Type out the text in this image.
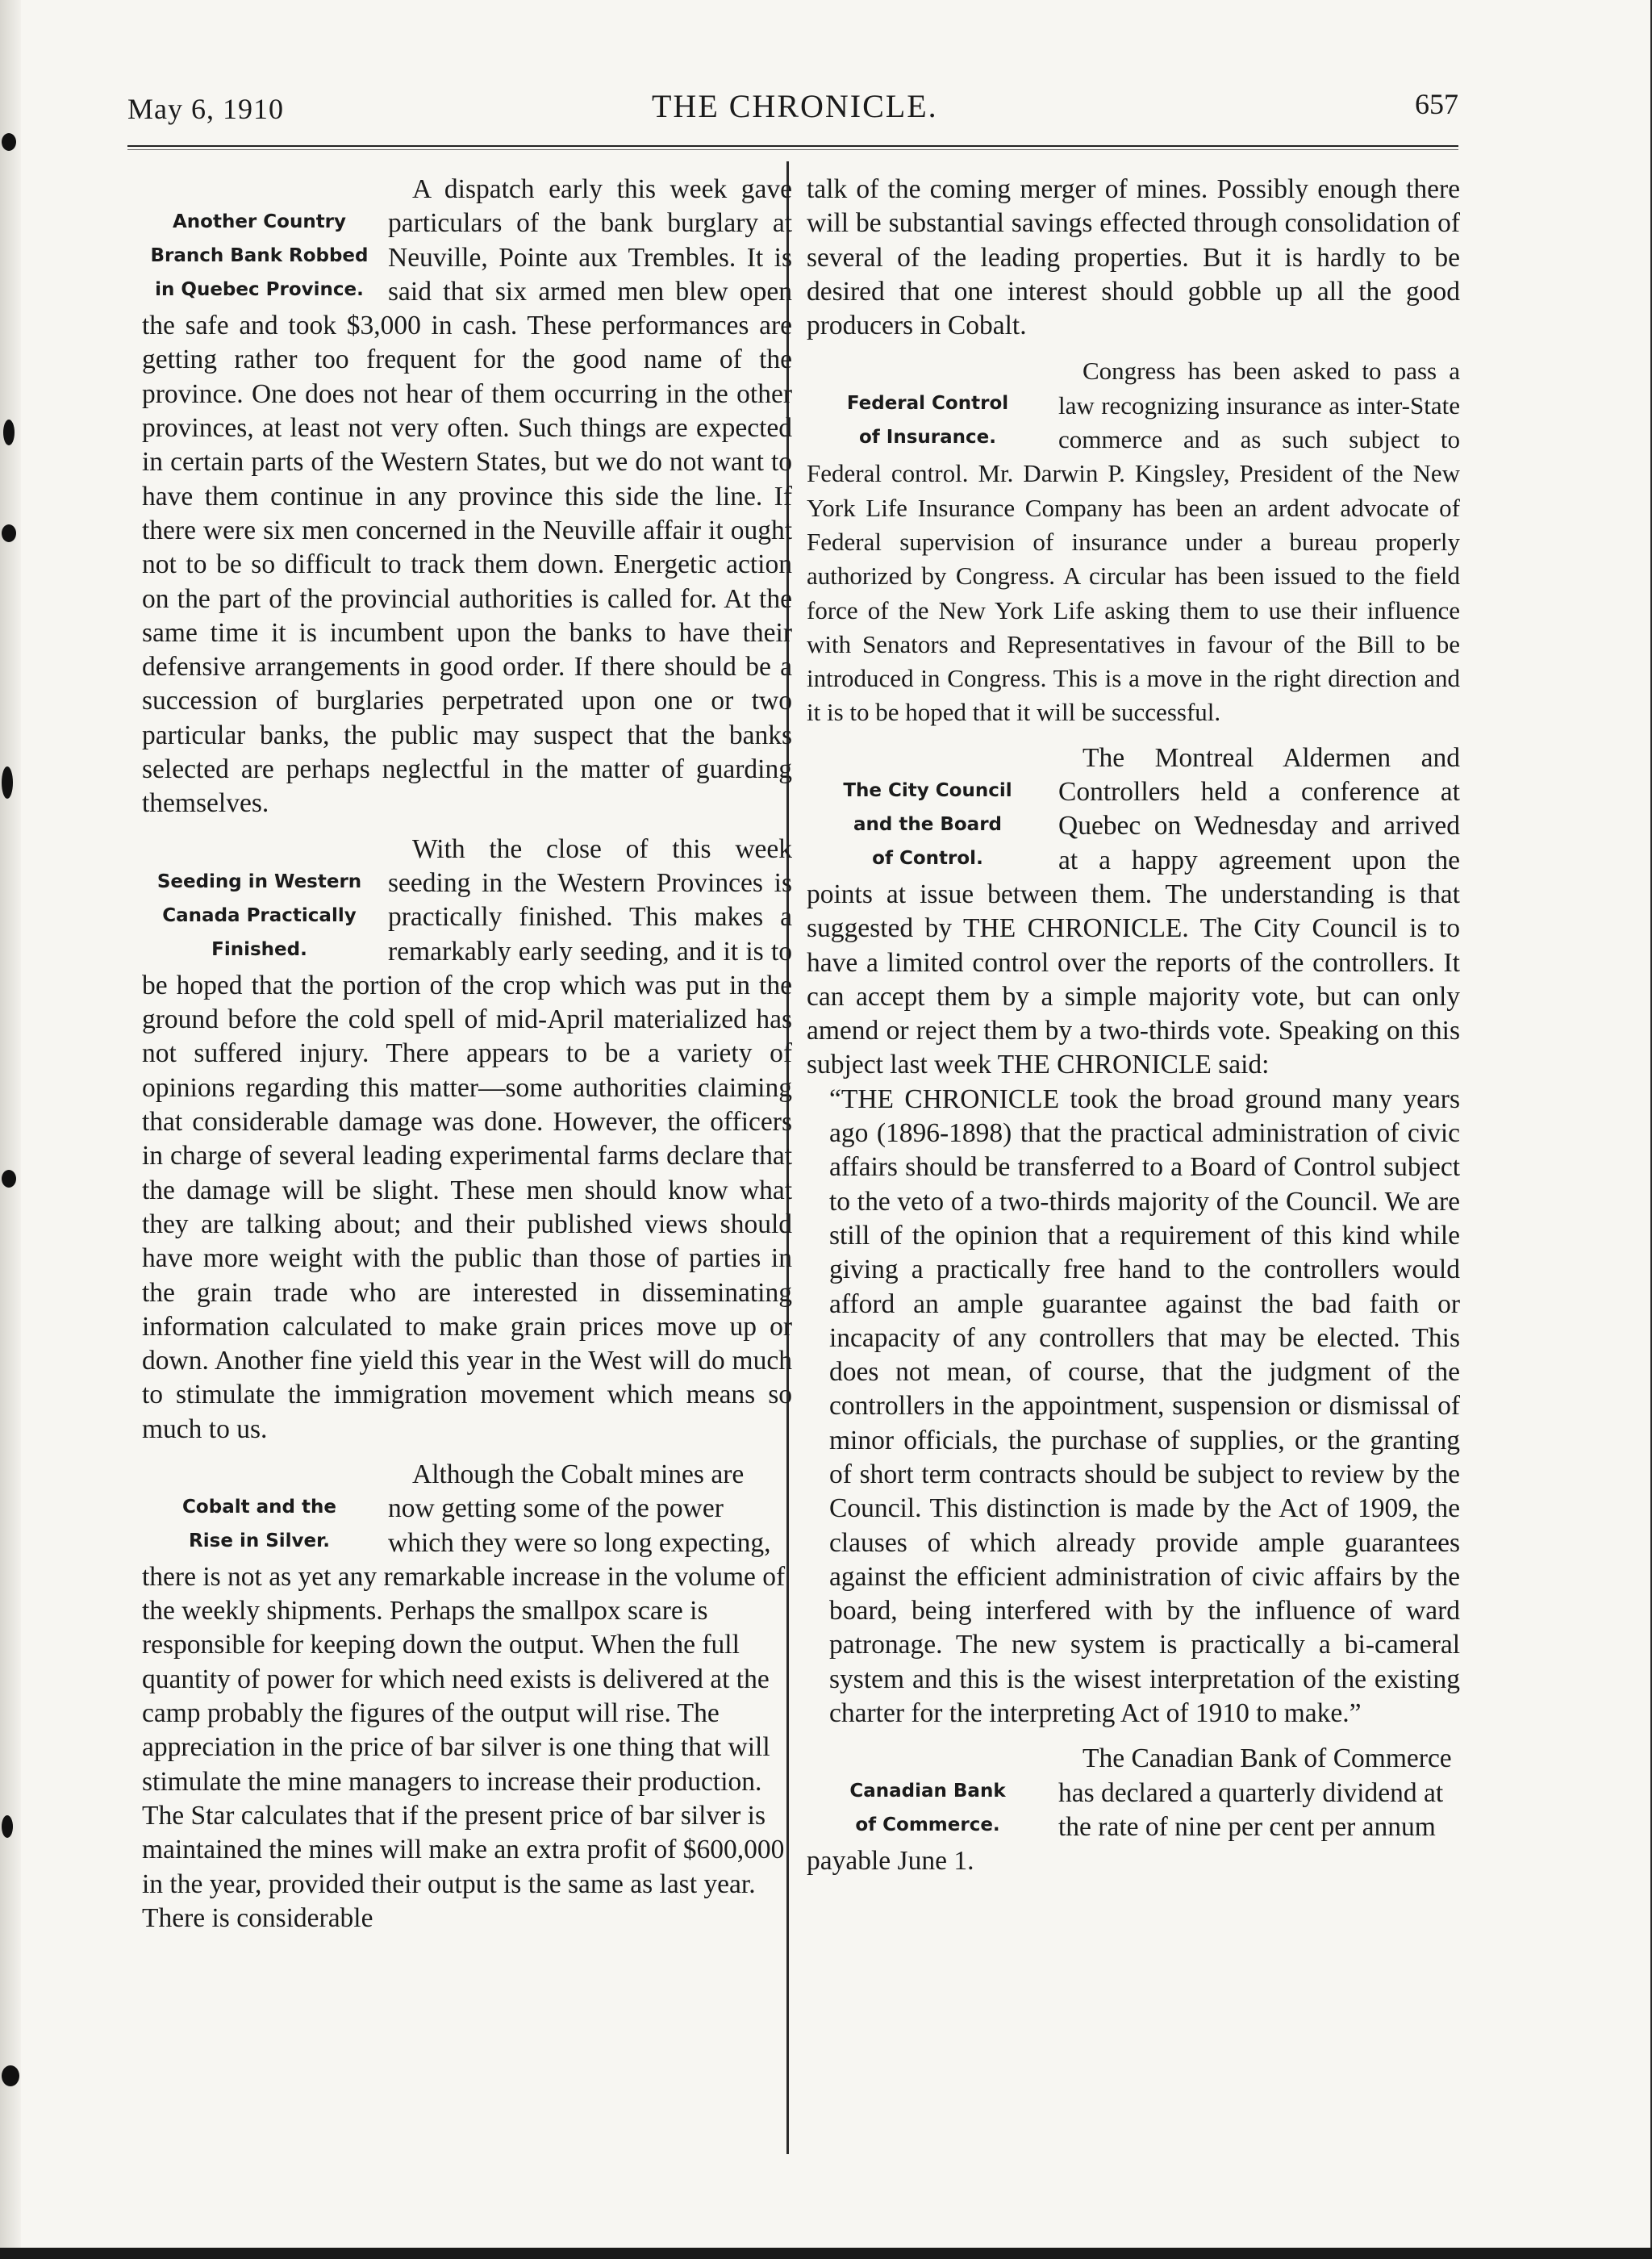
May 6, 1910	THE CHRONICLE.	657
Another Country
Branch Bank Robbed
in Quebec Province.

A dispatch early this week gave particulars of the bank burglary at Neuville, Pointe aux Trembles. It is said that six armed men blew open the safe and took $3,000 in cash. These performances are getting rather too frequent for the good name of the province. One does not hear of them occurring in the other provinces, at least not very often. Such things are expected in certain parts of the Western States, but we do not want to have them continue in any province this side the line. If there were six men concerned in the Neuville affair it ought not to be so difficult to track them down. Energetic action on the part of the provincial authorities is called for. At the same time it is incumbent upon the banks to have their defensive arrangements in good order. If there should be a succession of burglaries perpetrated upon one or two particular banks, the public may suspect that the banks selected are perhaps neglectful in the matter of guarding themselves.

Seeding in Western
Canada Practically
Finished.

With the close of this week seeding in the Western Provinces is practically finished. This makes a remarkably early seeding, and it is to be hoped that the portion of the crop which was put in the ground before the cold spell of mid-April materialized has not suffered injury. There appears to be a variety of opinions regarding this matter—some authorities claiming that considerable damage was done. However, the officers in charge of several leading experimental farms declare that the damage will be slight. These men should know what they are talking about; and their published views should have more weight with the public than those of parties in the grain trade who are interested in disseminating information calculated to make grain prices move up or down. Another fine yield this year in the West will do much to stimulate the immigration movement which means so much to us.

Cobalt and the
Rise in Silver.

Although the Cobalt mines are now getting some of the power which they were so long expecting, there is not as yet any remarkable increase in the volume of the weekly shipments. Perhaps the smallpox scare is responsible for keeping down the output. When the full quantity of power for which need exists is delivered at the camp probably the figures of the output will rise. The appreciation in the price of bar silver is one thing that will stimulate the mine managers to increase their production. The Star calculates that if the present price of bar silver is maintained the mines will make an extra profit of $600,000 in the year, provided their output is the same as last year. There is considerable

talk of the coming merger of mines. Possibly enough there will be substantial savings effected through consolidation of several of the leading properties. But it is hardly to be desired that one interest should gobble up all the good producers in Cobalt.

Federal Control
of Insurance.

Congress has been asked to pass a law recognizing insurance as inter-State commerce and as such subject to Federal control. Mr. Darwin P. Kingsley, President of the New York Life Insurance Company has been an ardent advocate of Federal supervision of insurance under a bureau properly authorized by Congress. A circular has been issued to the field force of the New York Life asking them to use their influence with Senators and Representatives in favour of the Bill to be introduced in Congress. This is a move in the right direction and it is to be hoped that it will be successful.

The City Council
and the Board
of Control.

The Montreal Aldermen and Controllers held a conference at Quebec on Wednesday and arrived at a happy agreement upon the points at issue between them. The understanding is that suggested by THE CHRONICLE. The City Council is to have a limited control over the reports of the controllers. It can accept them by a simple majority vote, but can only amend or reject them by a two-thirds vote. Speaking on this subject last week THE CHRONICLE said:

“THE CHRONICLE took the broad ground many years ago (1896-1898) that the practical administration of civic affairs should be transferred to a Board of Control subject to the veto of a two-thirds majority of the Council. We are still of the opinion that a requirement of this kind while giving a practically free hand to the controllers would afford an ample guarantee against the bad faith or incapacity of any controllers that may be elected. This does not mean, of course, that the judgment of the controllers in the appointment, suspension or dismissal of minor officials, the purchase of supplies, or the granting of short term contracts should be subject to review by the Council. This distinction is made by the Act of 1909, the clauses of which already provide ample guarantees against the efficient administration of civic affairs by the board, being interfered with by the influence of ward patronage. The new system is practically a bi-cameral system and this is the wisest interpretation of the existing charter for the interpreting Act of 1910 to make.”

Canadian Bank
of Commerce.

The Canadian Bank of Commerce has declared a quarterly dividend at the rate of nine per cent per annum payable June 1.
